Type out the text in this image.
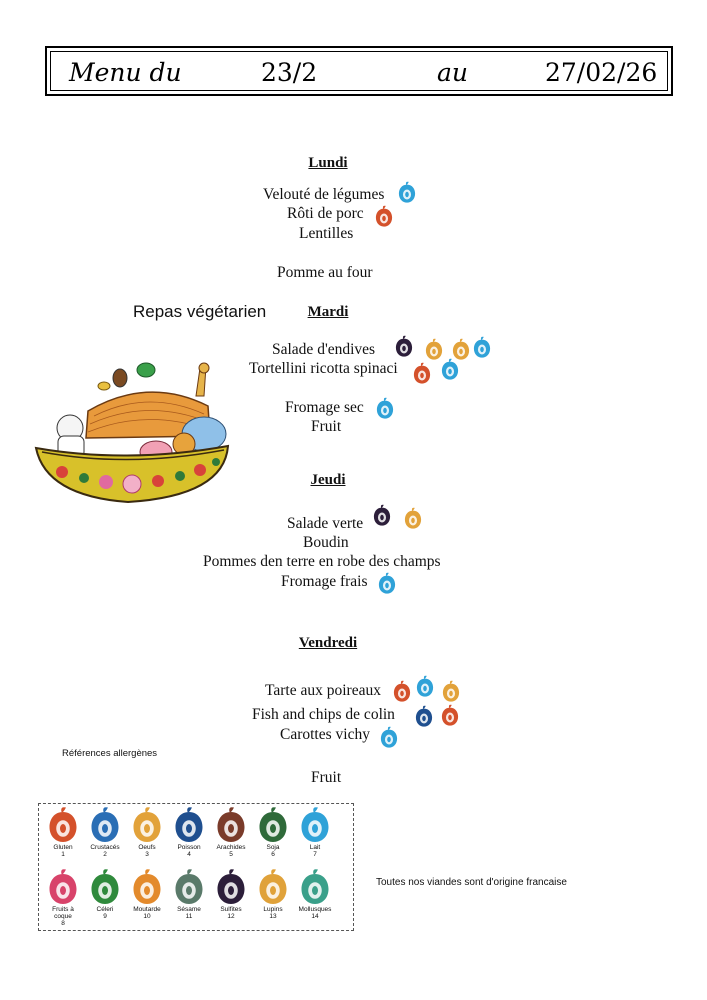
Menu du	23/2	au	27/02/26
Lundi
Velouté de légumes
Rôti de porc
Lentilles
Pomme au four
Repas végétarien	Mardi
Salade d'endives
Tortellini ricotta spinaci
Fromage sec
Fruit
Jeudi
Salade verte
Boudin
Pommes den terre en robe des champs
Fromage frais
Vendredi
Tarte aux poireaux
Fish and chips de colin
Carottes vichy
Fruit
Références allergènes
Toutes nos viandes sont d'origine francaise
Gluten
1
Crustacés
2
Oeufs
3
Poisson
4
Arachides
5
Soja
6
Lait
7
Fruits à coque
8
Céleri
9
Moutarde
10
Sésame
11
Sulfites
12
Lupins
13
Mollusques
14
